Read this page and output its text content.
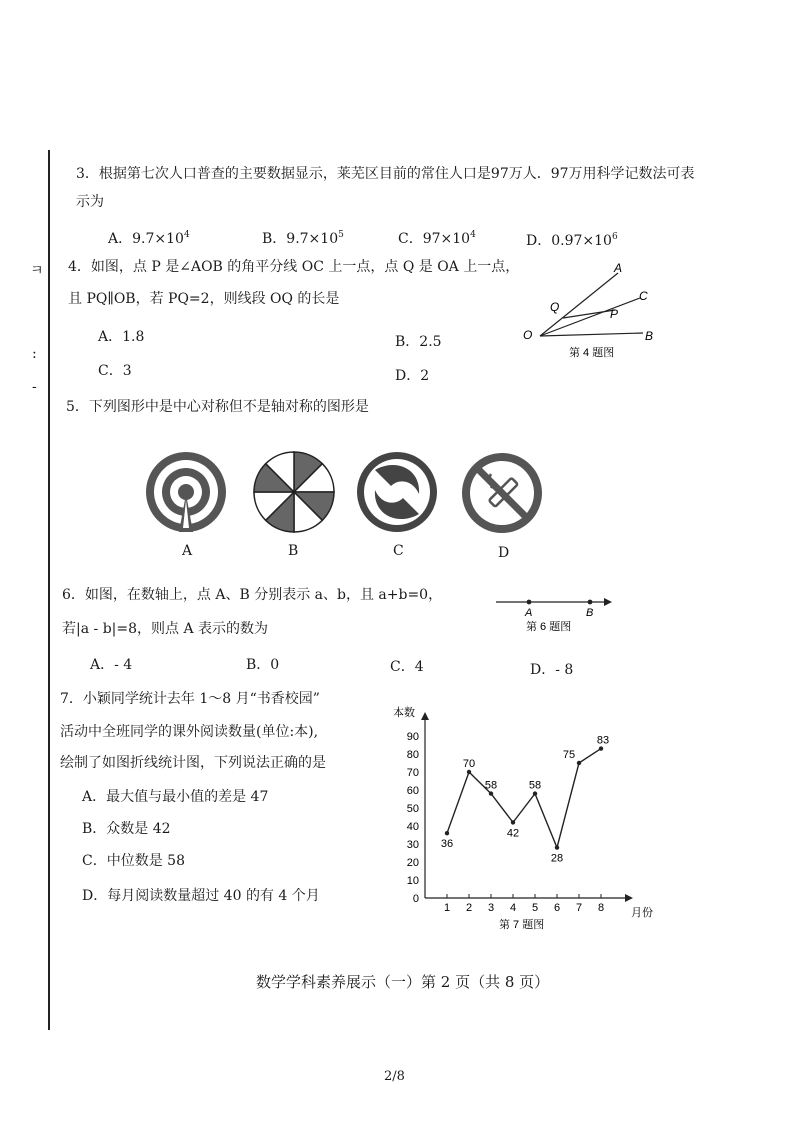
ㅋ
:
-
3．根据第七次人口普查的主要数据显示，莱芜区目前的常住人口是97万人．97万用科学记数法可表
示为
A．$9.7\times 10^4$	B．$9.7\times 10^5$	C．$97\times 10^4$	D．$0.97\times 10^6$
4．如图，点 P 是∠AOB 的角平分线 OC 上一点，点 Q 是 OA 上一点，
且 PQ∥OB，若 PQ=2，则线段 OQ 的长是
A．1.8	B．2.5
C．3	D．2
A
C
Q	P
O	B
第 4 题图
5．下列图形中是中心对称但不是轴对称的图形是
A	B	C	D
6．如图，在数轴上，点 A、B 分别表示 a、b，且 a+b=0，
若|a - b|=8，则点 A 表示的数为
A．- 4	B．0	C．4	D．- 8
A	B
第 6 题图
7．小颖同学统计去年 1～8 月“书香校园”
活动中全班同学的课外阅读数量(单位:本),
绘制了如图折线统计图，下列说法正确的是
A．最大值与最小值的差是 47
B．众数是 42
C．中位数是 58
D．每月阅读数量超过 40 的有 4 个月	0
10
20
30
40
50
60
70
80
90
1 2 3 4 5 6 7 8
36
70
58
42
58
28
75
83
本数
月份
第 7 题图
数学学科素养展示（一）第 2 页（共 8 页）
2/8
